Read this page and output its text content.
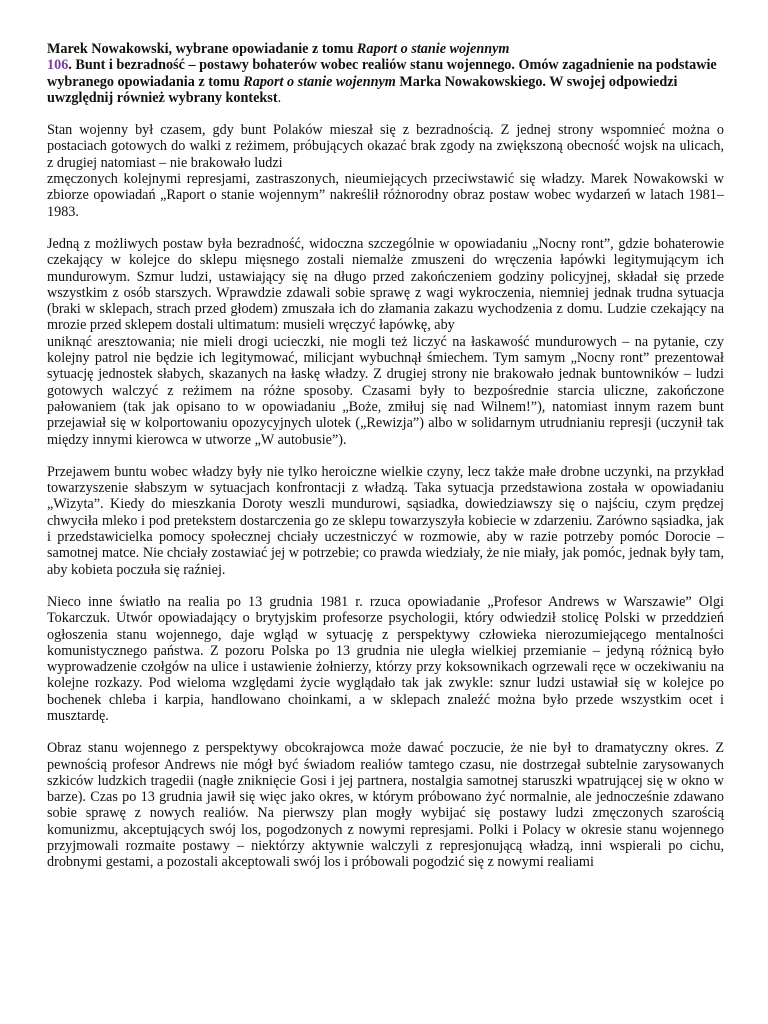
Marek Nowakowski, wybrane opowiadanie z tomu Raport o stanie wojennym
106. Bunt i bezradność – postawy bohaterów wobec realiów stanu wojennego. Omów zagadnienie na podstawie wybranego opowiadania z tomu Raport o stanie wojennym Marka Nowakowskiego. W swojej odpowiedzi uwzględnij również wybrany kontekst.
Stan wojenny był czasem, gdy bunt Polaków mieszał się z bezradnością. Z jednej strony wspomnieć można o postaciach gotowych do walki z reżimem, próbujących okazać brak zgody na zwiększoną obecność wojsk na ulicach, z drugiej natomiast – nie brakowało ludzi
zmęczonych kolejnymi represjami, zastraszonych, nieumiejących przeciwstawić się władzy. Marek Nowakowski w zbiorze opowiadań „Raport o stanie wojennym” nakreślił różnorodny obraz postaw wobec wydarzeń w latach 1981–1983.
Jedną z możliwych postaw była bezradność, widoczna szczególnie w opowiadaniu „Nocny ront”, gdzie bohaterowie czekający w kolejce do sklepu mięsnego zostali niemalże zmuszeni do wręczenia łapówki legitymującym ich mundurowym. Szmur ludzi, ustawiający się na długo przed zakończeniem godziny policyjnej, składał się przede wszystkim z osób starszych. Wprawdzie zdawali sobie sprawę z wagi wykroczenia, niemniej jednak trudna sytuacja (braki w sklepach, strach przed głodem) zmuszała ich do złamania zakazu wychodzenia z domu. Ludzie czekający na mrozie przed sklepem dostali ultimatum: musieli wręczyć łapówkę, aby
uniknąć aresztowania; nie mieli drogi ucieczki, nie mogli też liczyć na łaskawość mundurowych – na pytanie, czy kolejny patrol nie będzie ich legitymować, milicjant wybuchnął śmiechem. Tym samym „Nocny ront” prezentował sytuację jednostek słabych, skazanych na łaskę władzy. Z drugiej strony nie brakowało jednak buntowników – ludzi gotowych walczyć z reżimem na różne sposoby. Czasami były to bezpośrednie starcia uliczne, zakończone pałowaniem (tak jak opisano to w opowiadaniu „Boże, zmiłuj się nad Wilnem!”), natomiast innym razem bunt przejawiał się w kolportowaniu opozycyjnych ulotek („Rewizja”) albo w solidarnym utrudnianiu represji (uczynił tak między innymi kierowca w utworze „W autobusie”).
Przejawem buntu wobec władzy były nie tylko heroiczne wielkie czyny, lecz także małe drobne uczynki, na przykład towarzyszenie słabszym w sytuacjach konfrontacji z władzą. Taka sytuacja przedstawiona została w opowiadaniu „Wizyta”. Kiedy do mieszkania Doroty weszli mundurowi, sąsiadka, dowiedziawszy się o najściu, czym prędzej chwyciła mleko i pod pretekstem dostarczenia go ze sklepu towarzyszyła kobiecie w zdarzeniu. Zarówno sąsiadka, jak i przedstawicielka pomocy społecznej chciały uczestniczyć w rozmowie, aby w razie potrzeby pomóc Dorocie – samotnej matce. Nie chciały zostawiać jej w potrzebie; co prawda wiedziały, że nie miały, jak pomóc, jednak były tam, aby kobieta poczuła się raźniej.
Nieco inne światło na realia po 13 grudnia 1981 r. rzuca opowiadanie „Profesor Andrews w Warszawie” Olgi Tokarczuk. Utwór opowiadający o brytyjskim profesorze psychologii, który odwiedził stolicę Polski w przeddzień ogłoszenia stanu wojennego, daje wgląd w sytuację z perspektywy człowieka nierozumiejącego mentalności komunistycznego państwa. Z pozoru Polska po 13 grudnia nie uległa wielkiej przemianie – jedyną różnicą było wyprowadzenie czołgów na ulice i ustawienie żołnierzy, którzy przy koksownikach ogrzewali ręce w oczekiwaniu na kolejne rozkazy. Pod wieloma względami życie wyglądało tak jak zwykle: sznur ludzi ustawiał się w kolejce po bochenek chleba i karpia, handlowano choinkami, a w sklepach znaleźć można było przede wszystkim ocet i musztardę.
Obraz stanu wojennego z perspektywy obcokrajowca może dawać poczucie, że nie był to dramatyczny okres. Z pewnością profesor Andrews nie mógł być świadom realiów tamtego czasu, nie dostrzegał subtelnie zarysowanych szkiców ludzkich tragedii (nagłe zniknięcie Gosi i jej partnera, nostalgia samotnej staruszki wpatrującej się w okno w barze). Czas po 13 grudnia jawił się więc jako okres, w którym próbowano żyć normalnie, ale jednocześnie zdawano sobie sprawę z nowych realiów. Na pierwszy plan mogły wybijać się postawy ludzi zmęczonych szarością komunizmu, akceptujących swój los, pogodzonych z nowymi represjami. Polki i Polacy w okresie stanu wojennego przyjmowali rozmaite postawy – niektórzy aktywnie walczyli z represjonującą władzą, inni wspierali po cichu, drobnymi gestami, a pozostali akceptowali swój los i próbowali pogodzić się z nowymi realiami
